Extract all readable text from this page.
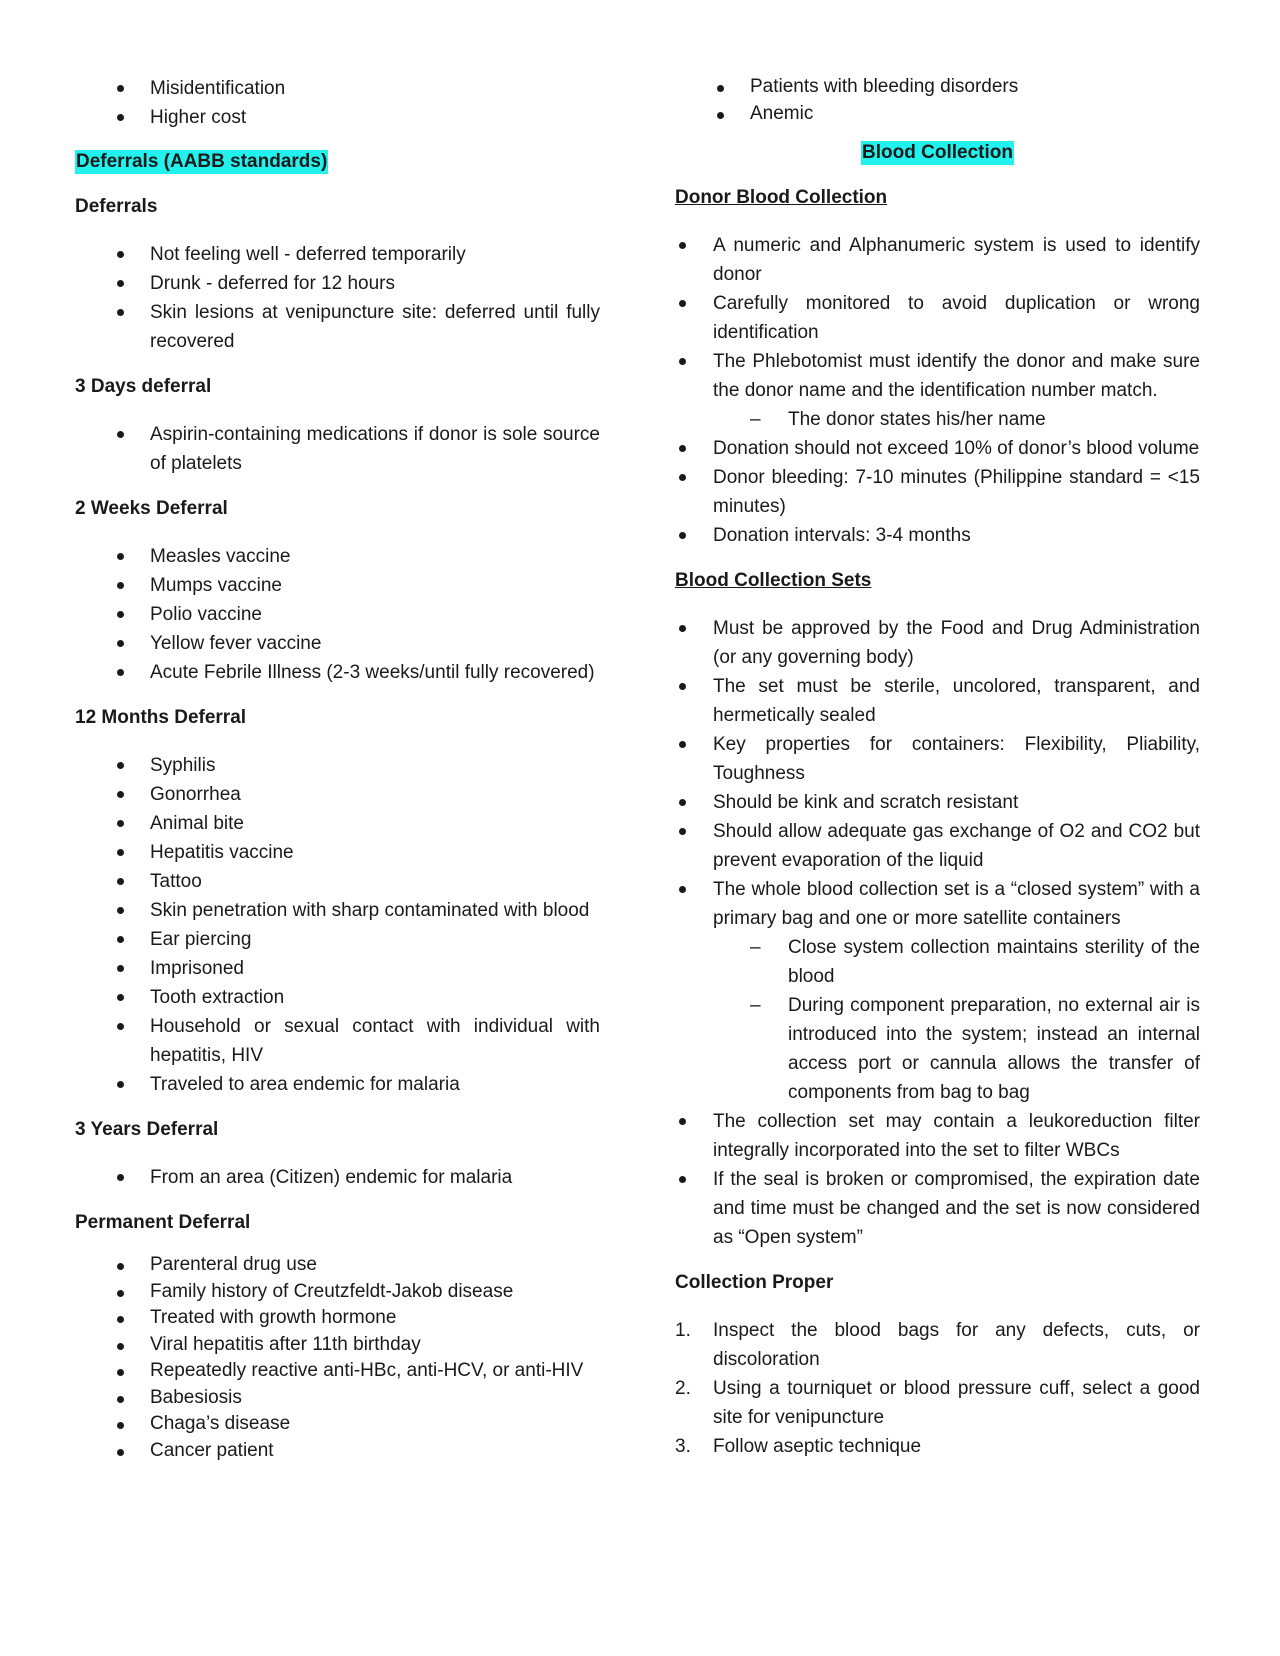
Misidentification
Higher cost
Deferrals (AABB standards)

Deferrals

Not feeling well - deferred temporarily
Drunk - deferred for 12 hours
Skin lesions at venipuncture site: deferred until fully recovered

3 Days deferral

Aspirin-containing medications if donor is sole source of platelets

2 Weeks Deferral

Measles vaccine
Mumps vaccine
Polio vaccine
Yellow fever vaccine
Acute Febrile Illness (2-3 weeks/until fully recovered)

12 Months Deferral

Syphilis
Gonorrhea
Animal bite
Hepatitis vaccine
Tattoo
Skin penetration with sharp contaminated with blood
Ear piercing
Imprisoned
Tooth extraction
Household or sexual contact with individual with hepatitis, HIV
Traveled to area endemic for malaria

3 Years Deferral

From an area (Citizen) endemic for malaria

Permanent Deferral

Parenteral drug use
Family history of Creutzfeldt-Jakob disease
Treated with growth hormone
Viral hepatitis after 11th birthday
Repeatedly reactive anti-HBc, anti-HCV, or anti-HIV
Babesiosis
Chaga’s disease
Cancer patient
Patients with bleeding disorders
Anemic
Blood Collection

Donor Blood Collection

A numeric and Alphanumeric system is used to identify donor
Carefully monitored to avoid duplication or wrong identification
The Phlebotomist must identify the donor and make sure the donor name and the identification number match.
– The donor states his/her name
Donation should not exceed 10% of donor’s blood volume
Donor bleeding: 7-10 minutes (Philippine standard = <15 minutes)
Donation intervals: 3-4 months

Blood Collection Sets

Must be approved by the Food and Drug Administration (or any governing body)
The set must be sterile, uncolored, transparent, and hermetically sealed
Key properties for containers: Flexibility, Pliability, Toughness
Should be kink and scratch resistant
Should allow adequate gas exchange of O2 and CO2 but prevent evaporation of the liquid
The whole blood collection set is a “closed system” with a primary bag and one or more satellite containers
– Close system collection maintains sterility of the blood
– During component preparation, no external air is introduced into the system; instead an internal access port or cannula allows the transfer of components from bag to bag
The collection set may contain a leukoreduction filter integrally incorporated into the set to filter WBCs
If the seal is broken or compromised, the expiration date and time must be changed and the set is now considered as “Open system”

Collection Proper

1. Inspect the blood bags for any defects, cuts, or discoloration
2. Using a tourniquet or blood pressure cuff, select a good site for venipuncture
3. Follow aseptic technique
